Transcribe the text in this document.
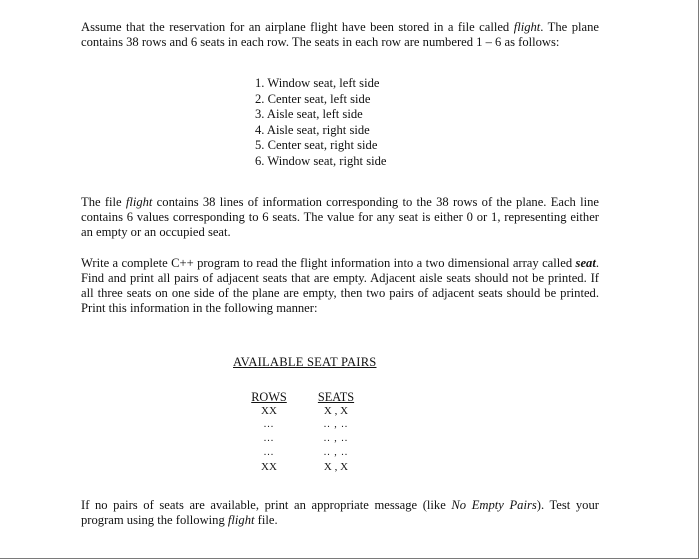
Assume that the reservation for an airplane flight have been stored in a file called flight. The plane contains 38 rows and 6 seats in each row. The seats in each row are numbered 1 – 6 as follows:

1. Window seat, left side
2. Center seat, left side
3. Aisle seat, left side
4. Aisle seat, right side
5. Center seat, right side
6. Window seat, right side

The file flight contains 38 lines of information corresponding to the 38 rows of the plane. Each line contains 6 values corresponding to 6 seats. The value for any seat is either 0 or 1, representing either an empty or an occupied seat.

Write a complete C++ program to read the flight information into a two dimensional array called seat. Find and print all pairs of adjacent seats that are empty. Adjacent aisle seats should not be printed. If all three seats on one side of the plane are empty, then two pairs of adjacent seats should be printed. Print this information in the following manner:

AVAILABLE SEAT PAIRS
ROWS
XX
...
...
...
XX
SEATS
X , X
.. , ..
.. , ..
.. , ..
X , X

If no pairs of seats are available, print an appropriate message (like No Empty Pairs). Test your program using the following flight file.
